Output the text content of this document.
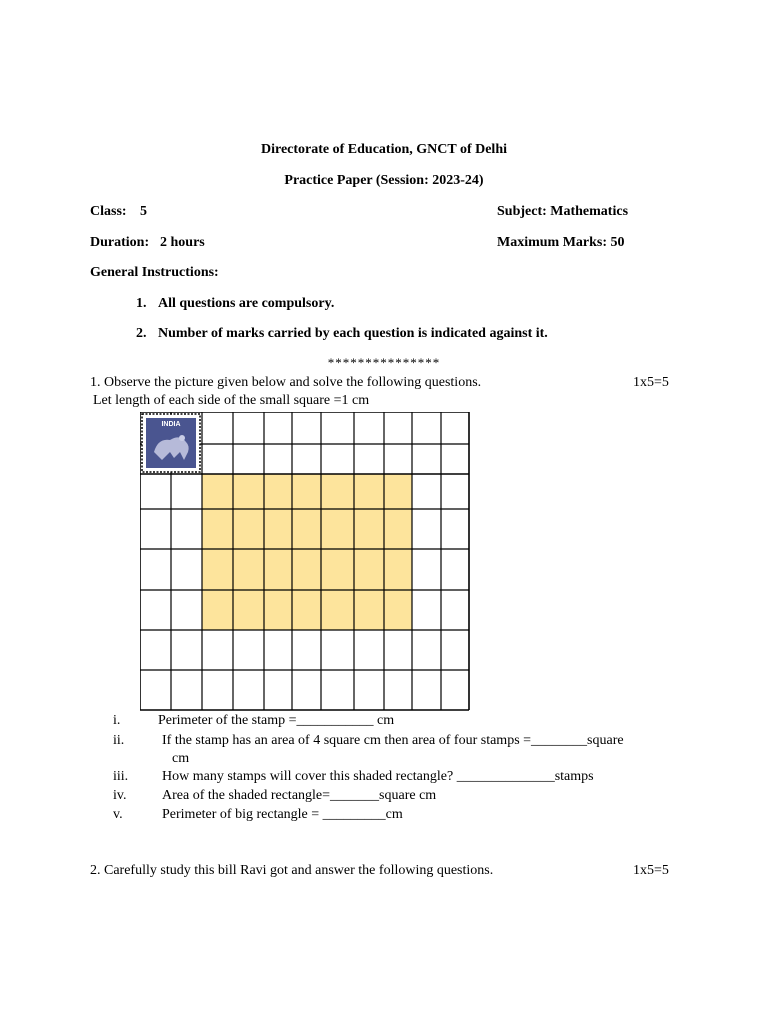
Directorate of Education, GNCT of Delhi
Practice Paper (Session: 2023-24)
Class: 5	Subject: Mathematics
Duration: 2 hours	Maximum Marks: 50
General Instructions:
1. All questions are compulsory.
2. Number of marks carried by each question is indicated against it.
***************
1. Observe the picture given below and solve the following questions.	1x5=5
Let length of each side of the small square =1 cm
INDIA
i.	Perimeter of the stamp =___________ cm
ii.	If the stamp has an area of 4 square cm then area of four stamps =________square
cm
iii. How many stamps will cover this shaded rectangle? ______________stamps
iv.	Area of the shaded rectangle=_______square cm
v.	Perimeter of big rectangle = _________cm
2. Carefully study this bill Ravi got and answer the following questions.	1x5=5
